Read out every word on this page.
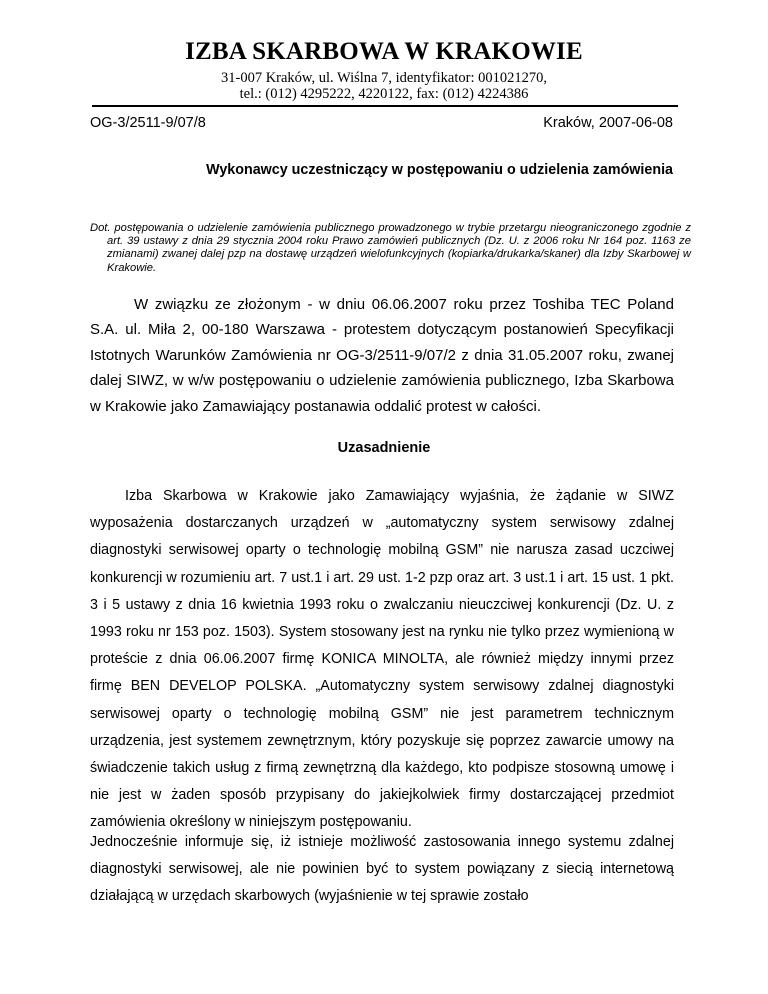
IZBA SKARBOWA W KRAKOWIE
31-007 Kraków, ul. Wiślna 7, identyfikator: 001021270,
tel.: (012) 4295222, 4220122, fax: (012) 4224386
OG-3/2511-9/07/8	Kraków, 2007-06-08
Wykonawcy uczestniczący w postępowaniu o udzielenia zamówienia
Dot. postępowania o udzielenie zamówienia publicznego prowadzonego w trybie przetargu nieograniczonego zgodnie z art. 39 ustawy z dnia 29 stycznia 2004 roku Prawo zamówień publicznych (Dz. U. z 2006 roku Nr 164 poz. 1163 ze zmianami) zwanej dalej pzp na dostawę urządzeń wielofunkcyjnych (kopiarka/drukarka/skaner) dla Izby Skarbowej w Krakowie.
W związku ze złożonym - w dniu 06.06.2007 roku przez Toshiba TEC Poland S.A. ul. Miła 2, 00-180 Warszawa - protestem dotyczącym postanowień Specyfikacji Istotnych Warunków Zamówienia nr OG-3/2511-9/07/2 z dnia 31.05.2007 roku, zwanej dalej SIWZ, w w/w postępowaniu o udzielenie zamówienia publicznego, Izba Skarbowa w Krakowie jako Zamawiający postanawia oddalić protest w całości.
Uzasadnienie
Izba Skarbowa w Krakowie jako Zamawiający wyjaśnia, że żądanie w SIWZ wyposażenia dostarczanych urządzeń w „automatyczny system serwisowy zdalnej diagnostyki serwisowej oparty o technologię mobilną GSM” nie narusza zasad uczciwej konkurencji w rozumieniu art. 7 ust.1 i art. 29 ust. 1-2 pzp oraz art. 3 ust.1 i art. 15 ust. 1 pkt. 3 i 5 ustawy z dnia 16 kwietnia 1993 roku o zwalczaniu nieuczciwej konkurencji (Dz. U. z 1993 roku nr 153 poz. 1503). System stosowany jest na rynku nie tylko przez wymienioną w proteście z dnia 06.06.2007 firmę KONICA MINOLTA, ale również między innymi przez firmę BEN DEVELOP POLSKA. „Automatyczny system serwisowy zdalnej diagnostyki serwisowej oparty o technologię mobilną GSM” nie jest parametrem technicznym urządzenia, jest systemem zewnętrznym, który pozyskuje się poprzez zawarcie umowy na świadczenie takich usług z firmą zewnętrzną dla każdego, kto podpisze stosowną umowę i nie jest w żaden sposób przypisany do jakiejkolwiek firmy dostarczającej przedmiot zamówienia określony w niniejszym postępowaniu.
Jednocześnie informuje się, iż istnieje możliwość zastosowania innego systemu zdalnej diagnostyki serwisowej, ale nie powinien być to system powiązany z siecią internetową działającą w urzędach skarbowych (wyjaśnienie w tej sprawie zostało
